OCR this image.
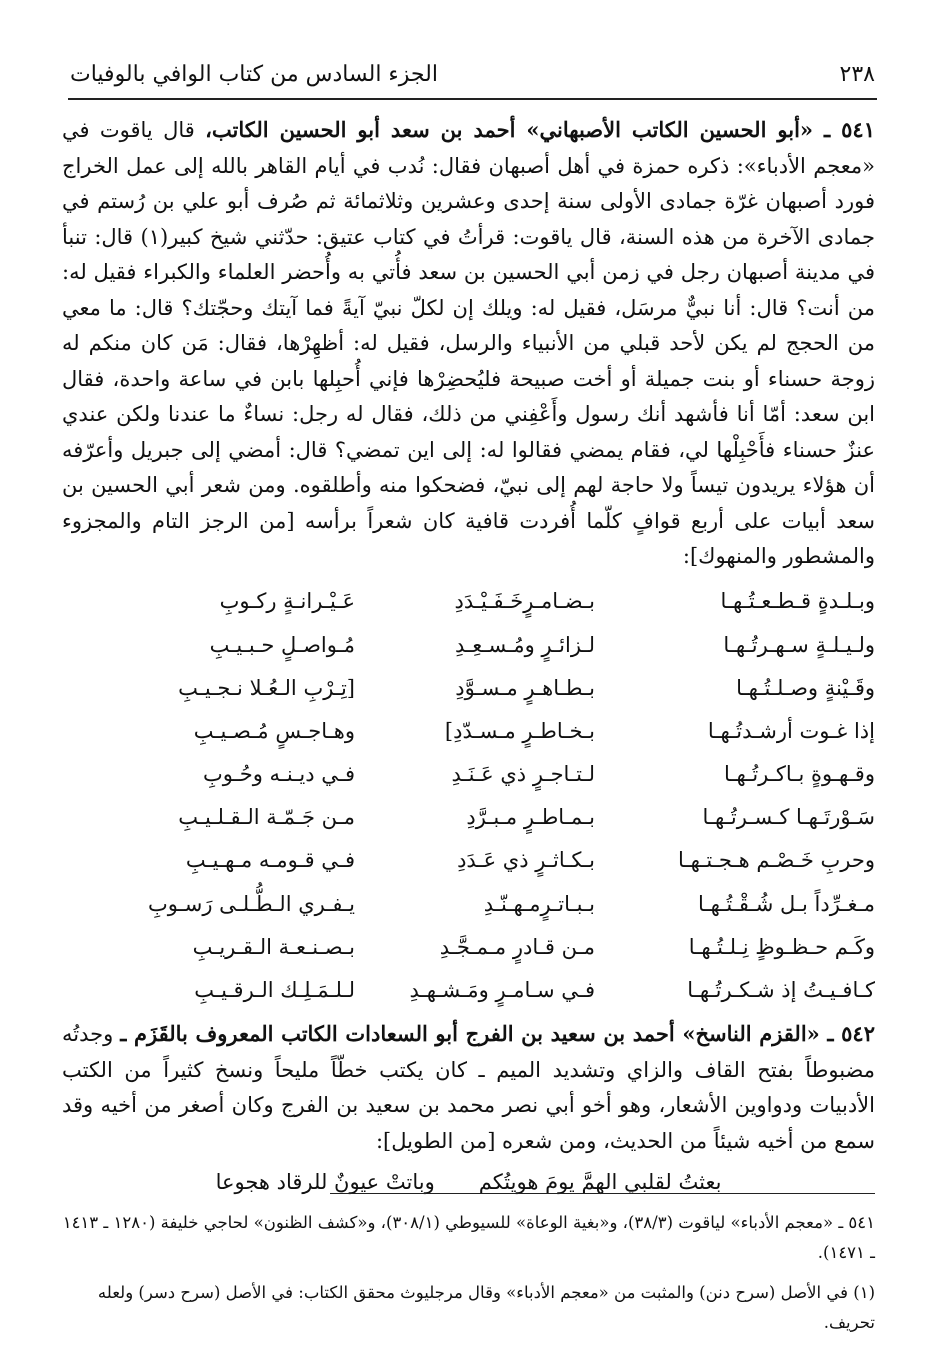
٢٣٨
الجزء السادس من كتاب الوافي بالوفيات

٥٤١ ـ «أبو الحسين الكاتب الأصبهاني» أحمد بن سعد أبو الحسين الكاتب، قال ياقوت في «معجم الأدباء»: ذكره حمزة في أهل أصبهان فقال: نُدب في أيام القاهر بالله إلى عمل الخراج فورد أصبهان غرّة جمادى الأولى سنة إحدى وعشرين وثلاثمائة ثم صُرف أبو علي بن رُستم في جمادى الآخرة من هذه السنة، قال ياقوت: قرأتُ في كتاب عتيق: حدّثني شيخ كبير(١) قال: تنبأ في مدينة أصبهان رجل في زمن أبي الحسين بن سعد فأُتي به وأُحضر العلماء والكبراء فقيل له: من أنت؟ قال: أنا نبيٌّ مرسَل، فقيل له: ويلك إن لكلّ نبيّ آيةً فما آيتك وحجّتك؟ قال: ما معي من الحجج لم يكن لأحد قبلي من الأنبياء والرسل، فقيل له: أظهِرْها، فقال: مَن كان منكم له زوجة حسناء أو بنت جميلة أو أخت صبيحة فليُحضِرْها فإني أُحبِلها بابن في ساعة واحدة، فقال ابن سعد: أمّا أنا فأشهد أنك رسول وأَعْفِني من ذلك، فقال له رجل: نساءٌ ما عندنا ولكن عندي عنزٌ حسناء فأَحْبِلْها لي، فقام يمضي فقالوا له: إلى اين تمضي؟ قال: أمضي إلى جبريل وأعرّفه أن هؤلاء يريدون تيساً ولا حاجة لهم إلى نبيّ، فضحكوا منه وأطلقوه. ومن شعر أبي الحسين بن سعد أبيات على أربع قوافٍ كلّما أُفردت قافية كان شعراً برأسه [من الرجز التام والمجزوء والمشطور والمنهوك]:

وبـلـدةٍ قـطـعـتُـهـا
بـضـامـرٍخَـفَـيْـدَدِ
عَـيْـرانـةٍ ركـوبِ
ولـيـلـةٍ سـهـرتُـهـا
لـزائـرٍ ومُـسـعِـدِ
مُـواصـلٍ حـبـيـبِ
وقَـيْنةٍ وصـلـتُـهـا
بـطـاهـرٍ مـسـوَّدِ
[تِـرْبِ الـعُـلا نـجـيـبِ
إذا غـوت أرشـدتُـهـا
بـخـاطـرٍ مـسـدّدِ]
وهـاجـسٍ مُـصـيـبِ
وقـهـوةٍ بـاكـرتُـهـا
لـتـاجـرٍ ذي عَـنَـدِ
فـي ديـنـه وحُـوبِ
سَـوْرتَـهـا كـسـرتُـهـا
بـمـاطـرٍ مـبـرَّدِ
مـن جَـمّـة الـقـلـيـبِ
وحربِ خَـصْـم هـجـتـهـا
بـكـاثـرٍ ذي عَـدَدِ
فـي قـومـه مـهـيـبِ
مـغـرِّداً بـل شُـقْـتُـهـا
بـبـاتـرٍمـهـنّـدِ
يـفـري الـطُّـلـى رَسـوبِ
وكَـم حـظـوظٍ نِـلـتُـهـا
مـن قـادرٍ مـمـجَّـدِ
بـصـنـعـة الـقـريـبِ
كـافـيـتُ إذ شـكـرتُـهـا
فـي سـامـرٍ ومَـشـهـدِ
لـلـمَـلِـك الـرقـيـبِ

٥٤٢ ـ «القزم الناسخ» أحمد بن سعيد بن الفرج أبو السعادات الكاتب المعروف بالقَزَم ـ وجدتُه مضبوطاً بفتح القاف والزاي وتشديد الميم ـ كان يكتب خطّاً مليحاً ونسخ كثيراً من الكتب الأدبيات ودواوين الأشعار، وهو أخو أبي نصر محمد بن سعيد بن الفرج وكان أصغر من أخيه وقد سمع من أخيه شيئاً من الحديث، ومن شعره [من الطويل]:

بعثتُ لقلبي الهمَّ يومَ هويتُكم
وباتتْ عيونٌ للرقاد هجوعا

٥٤١ ـ «معجم الأدباء» لياقوت (٣٨/٣)، و«بغية الوعاة» للسيوطي (٣٠٨/١)، و«كشف الظنون» لحاجي خليفة (١٢٨٠ ـ ١٤١٣ ـ ١٤٧١).

(١) في الأصل (سرح دنن) والمثبت من «معجم الأدباء» وقال مرجليوث محقق الكتاب: في الأصل (سرح دسر) ولعله تحريف.
